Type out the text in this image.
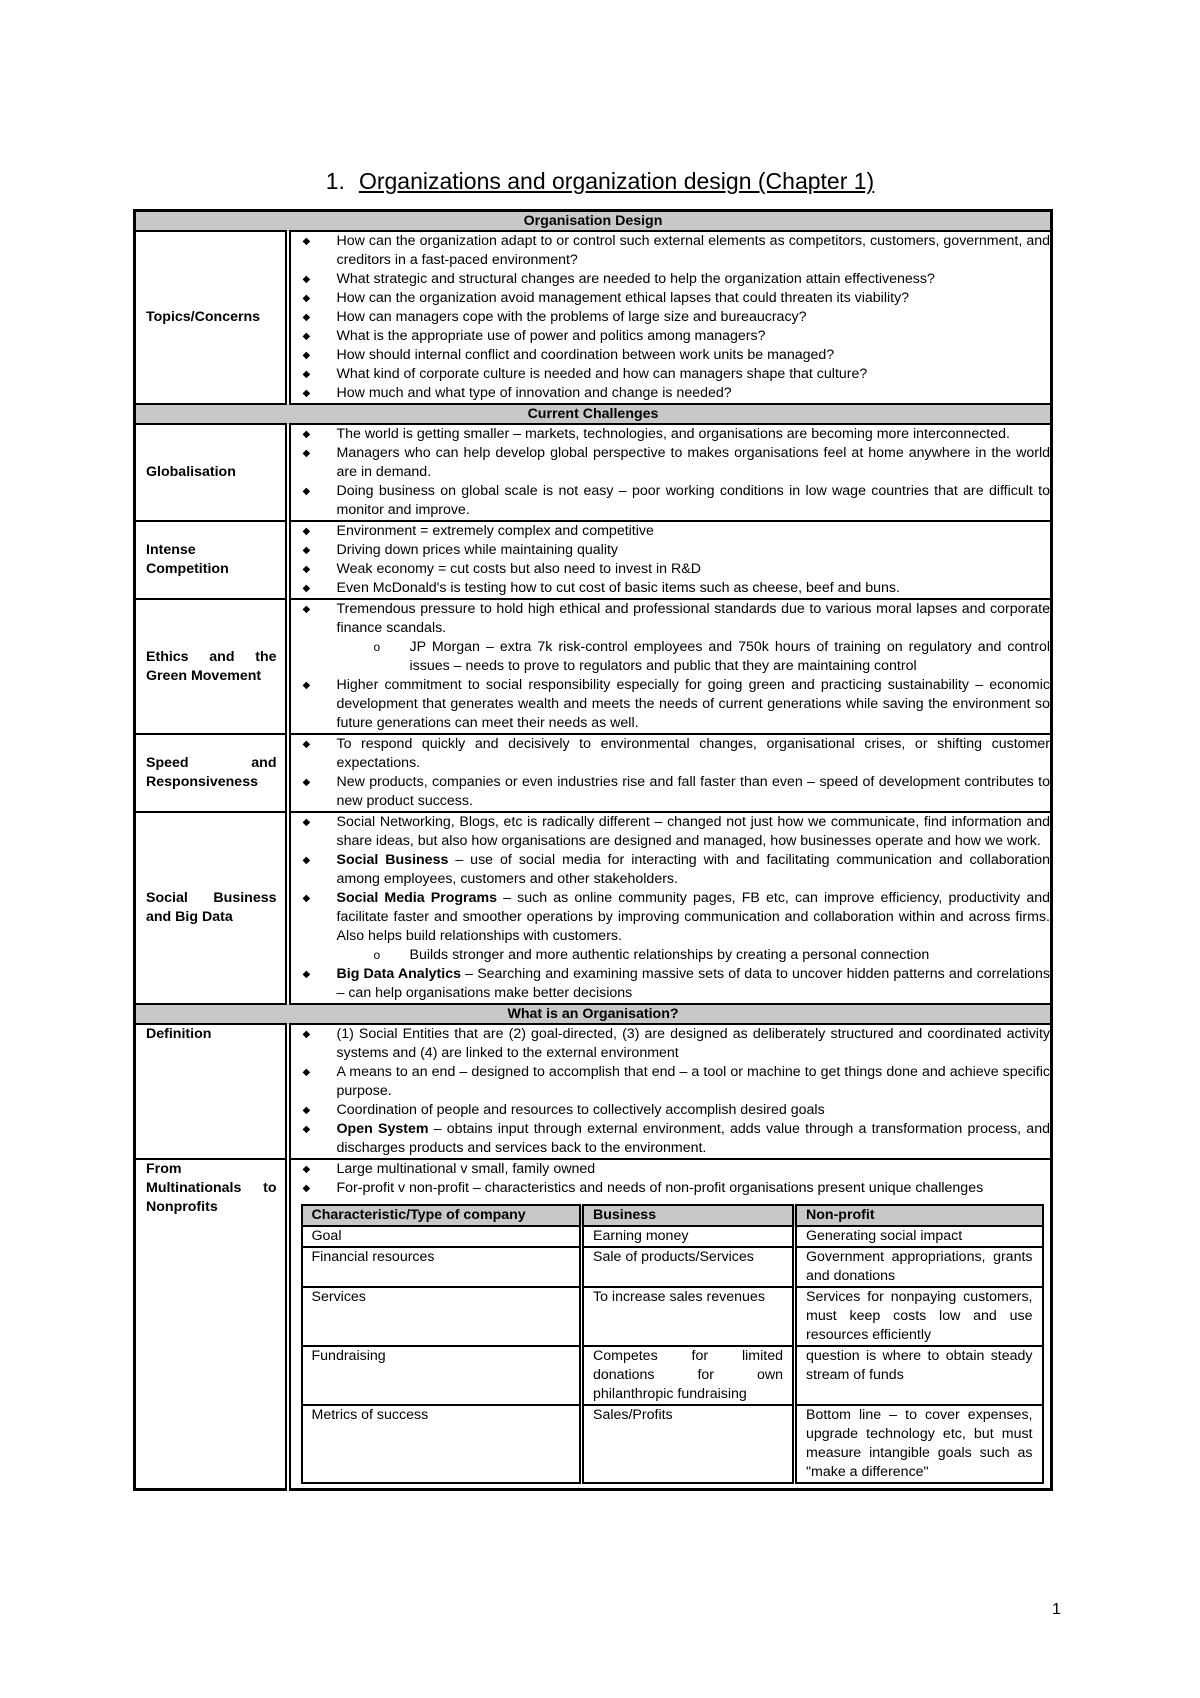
1. Organizations and organization design (Chapter 1)
Organisation Design
Topics/Concerns	
◆ How can the organization adapt to or control such external elements as competitors, customers, government, and creditors in a fast-paced environment?
◆ What strategic and structural changes are needed to help the organization attain effectiveness?
◆ How can the organization avoid management ethical lapses that could threaten its viability?
◆ How can managers cope with the problems of large size and bureaucracy?
◆ What is the appropriate use of power and politics among managers?
◆ How should internal conflict and coordination between work units be managed?
◆ What kind of corporate culture is needed and how can managers shape that culture?
◆ How much and what type of innovation and change is needed?

Current Challenges
Globalisation	
◆ The world is getting smaller – markets, technologies, and organisations are becoming more interconnected.
◆ Managers who can help develop global perspective to makes organisations feel at home anywhere in the world are in demand.
◆ Doing business on global scale is not easy – poor working conditions in low wage countries that are difficult to monitor and improve.

Intense Competition	
◆ Environment = extremely complex and competitive
◆ Driving down prices while maintaining quality
◆ Weak economy = cut costs but also need to invest in R&D
◆ Even McDonald's is testing how to cut cost of basic items such as cheese, beef and buns.

Ethics and the Green Movement	
◆ Tremendous pressure to hold high ethical and professional standards due to various moral lapses and corporate finance scandals.
o JP Morgan – extra 7k risk-control employees and 750k hours of training on regulatory and control issues – needs to prove to regulators and public that they are maintaining control
◆ Higher commitment to social responsibility especially for going green and practicing sustainability – economic development that generates wealth and meets the needs of current generations while saving the environment so future generations can meet their needs as well.

Speed and Responsiveness	
◆ To respond quickly and decisively to environmental changes, organisational crises, or shifting customer expectations.
◆ New products, companies or even industries rise and fall faster than even – speed of development contributes to new product success.

Social Business and Big Data	
◆ Social Networking, Blogs, etc is radically different – changed not just how we communicate, find information and share ideas, but also how organisations are designed and managed, how businesses operate and how we work.
◆ Social Business – use of social media for interacting with and facilitating communication and collaboration among employees, customers and other stakeholders.
◆ Social Media Programs – such as online community pages, FB etc, can improve efficiency, productivity and facilitate faster and smoother operations by improving communication and collaboration within and across firms. Also helps build relationships with customers.
o Builds stronger and more authentic relationships by creating a personal connection
◆ Big Data Analytics – Searching and examining massive sets of data to uncover hidden patterns and correlations – can help organisations make better decisions

What is an Organisation?
Definition	
◆(1) Social Entities that are (2) goal-directed, (3) are designed as deliberately structured and coordinated activity systems and (4) are linked to the external environment
◆ A means to an end – designed to accomplish that end – a tool or machine to get things done and achieve specific purpose.
◆ Coordination of people and resources to collectively accomplish desired goals
◆ Open System – obtains input through external environment, adds value through a transformation process, and discharges products and services back to the environment.

From Multinationals to Nonprofits	
◆ Large multinational v small, family owned
◆ For-profit v non-profit – characteristics and needs of non-profit organisations present unique challenges
Characteristic/Type of company	Business	Non-profit
Goal	Earning money	Generating social impact
Financial resources	Sale of products/Services	Government appropriations, grants and donations
Services	To increase sales revenues	Services for nonpaying customers, must keep costs low and use resources efficiently
Fundraising	Competes for limited donations for own philanthropic fundraising	question is where to obtain steady stream of funds
Metrics of success	Sales/Profits	Bottom line – to cover expenses, upgrade technology etc, but must measure intangible goals such as "make a difference"
1
